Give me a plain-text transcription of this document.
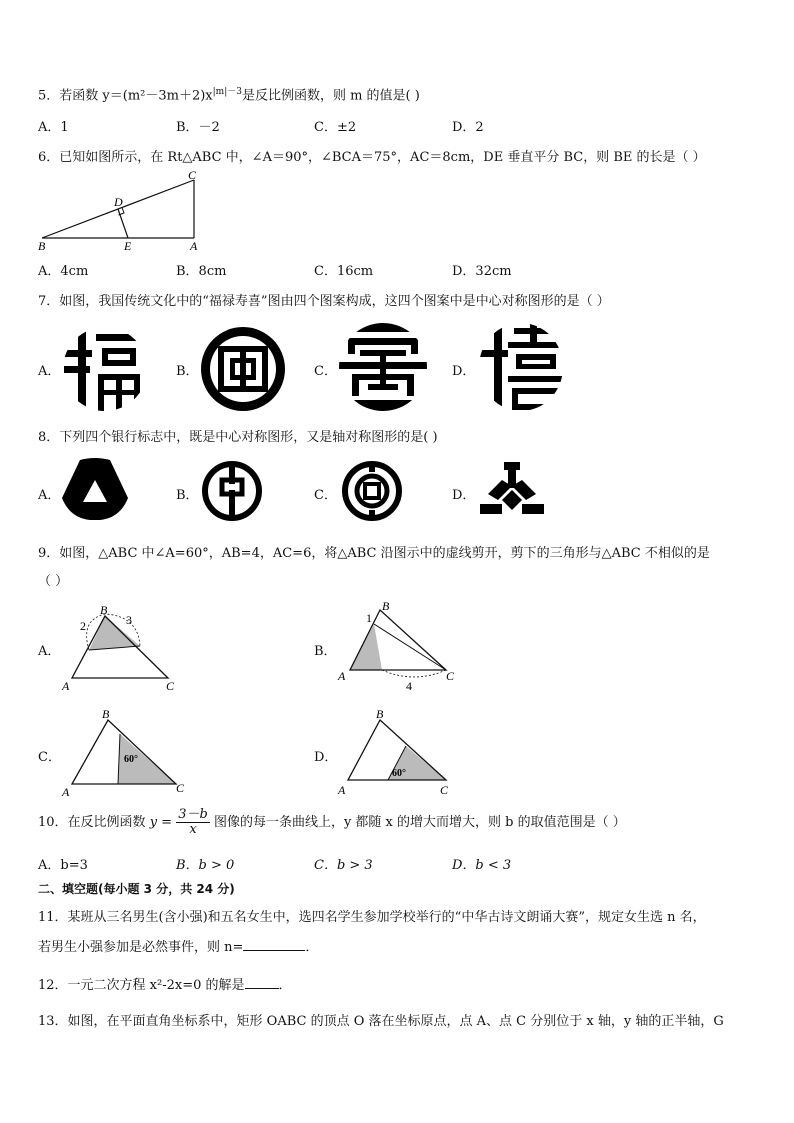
5．若函数 $y=(m^2-3m+2)x^{|m|-3}$是反比例函数，则 m 的值是( )
A．1	B．－2	C．±2	D．2
6．已知如图所示，在 Rt△ABC 中，∠A＝90°，∠BCA＝75°，AC＝8cm，DE 垂直平分 BC，则 BE 的长是（ ）
C
D
B	E	A
A．4cm	B．8cm	C．16cm	D．32cm
7．如图，我国传统文化中的“福禄寿喜”图由四个图案构成，这四个图案中是中心对称图形的是（ ）
A．	B．	C．	D．
8．下列四个银行标志中，既是中心对称图形，又是轴对称图形的是( )
A．	B．	C．	D．
9．如图，△ABC 中∠A=60°，AB=4，AC=6，将△ABC 沿图示中的虚线剪开，剪下的三角形与△ABC 不相似的是
（ ）
A．
B
2	3
A	C
B．
B
1
A
4
C
C．
B
60°
A	C
D．
B
60°
A	C
10．在反比例函数 $y = \frac{3-b}{x}$ 图像的每一条曲线上，y 都随 x 的增大而增大，则 b 的取值范围是（ ）
A．b=3	B．b > 0	C．b > 3	D．b < 3
二、填空题(每小题 3 分，共 24 分)
11．某班从三名男生(含小强)和五名女生中，选四名学生参加学校举行的“中华古诗文朗诵大赛”，规定女生选 n 名，
若男生小强参加是必然事件，则 n=	．
12．一元二次方程 x²-2x=0 的解是	．
13．如图，在平面直角坐标系中，矩形 OABC 的顶点 O 落在坐标原点，点 A、点 C 分别位于 x 轴，y 轴的正半轴，G
